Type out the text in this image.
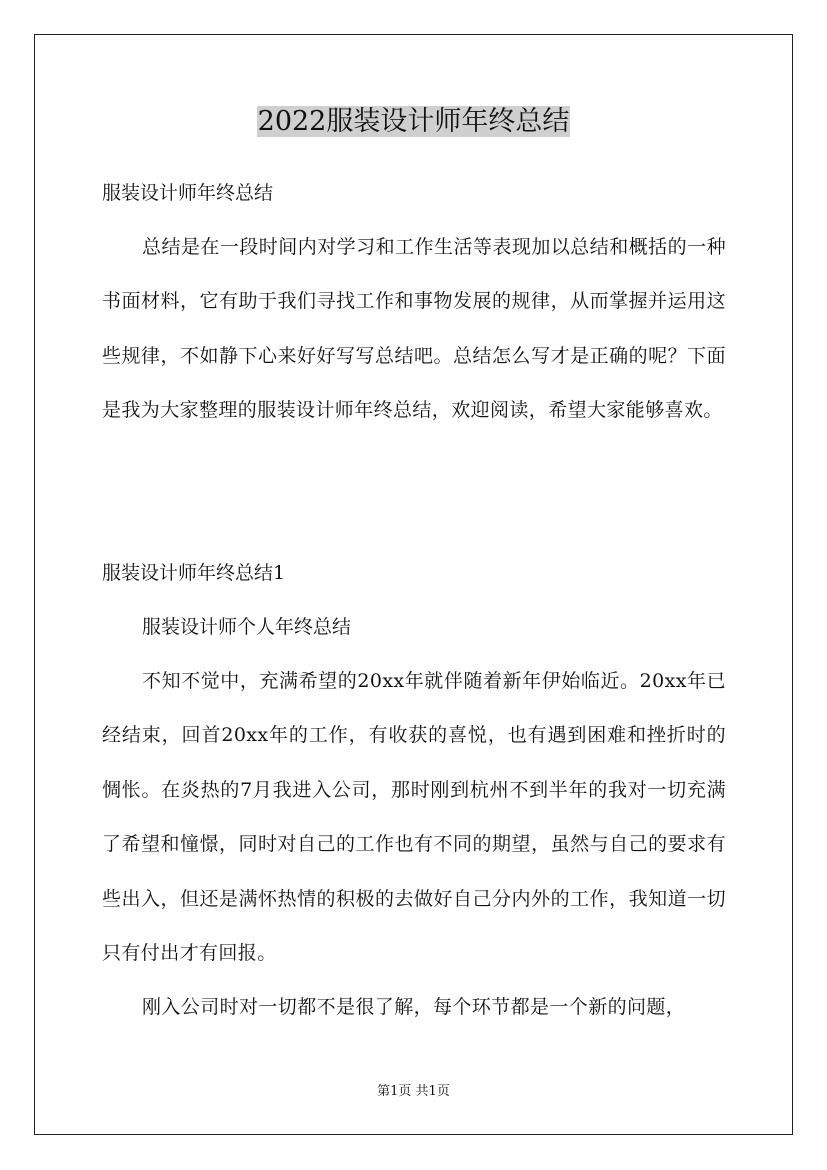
2022服装设计师年终总结
服装设计师年终总结
总结是在一段时间内对学习和工作生活等表现加以总结和概括的一种书面材料，它有助于我们寻找工作和事物发展的规律，从而掌握并运用这些规律，不如静下心来好好写写总结吧。总结怎么写才是正确的呢？下面是我为大家整理的服装设计师年终总结，欢迎阅读，希望大家能够喜欢。
服装设计师年终总结1
服装设计师个人年终总结
不知不觉中，充满希望的20xx年就伴随着新年伊始临近。20xx年已经结束，回首20xx年的工作，有收获的喜悦，也有遇到困难和挫折时的惆怅。在炎热的7月我进入公司，那时刚到杭州不到半年的我对一切充满了希望和憧憬，同时对自己的工作也有不同的期望，虽然与自己的要求有些出入，但还是满怀热情的积极的去做好自己分内外的工作，我知道一切只有付出才有回报。
刚入公司时对一切都不是很了解，每个环节都是一个新的问题，
第1页 共1页
